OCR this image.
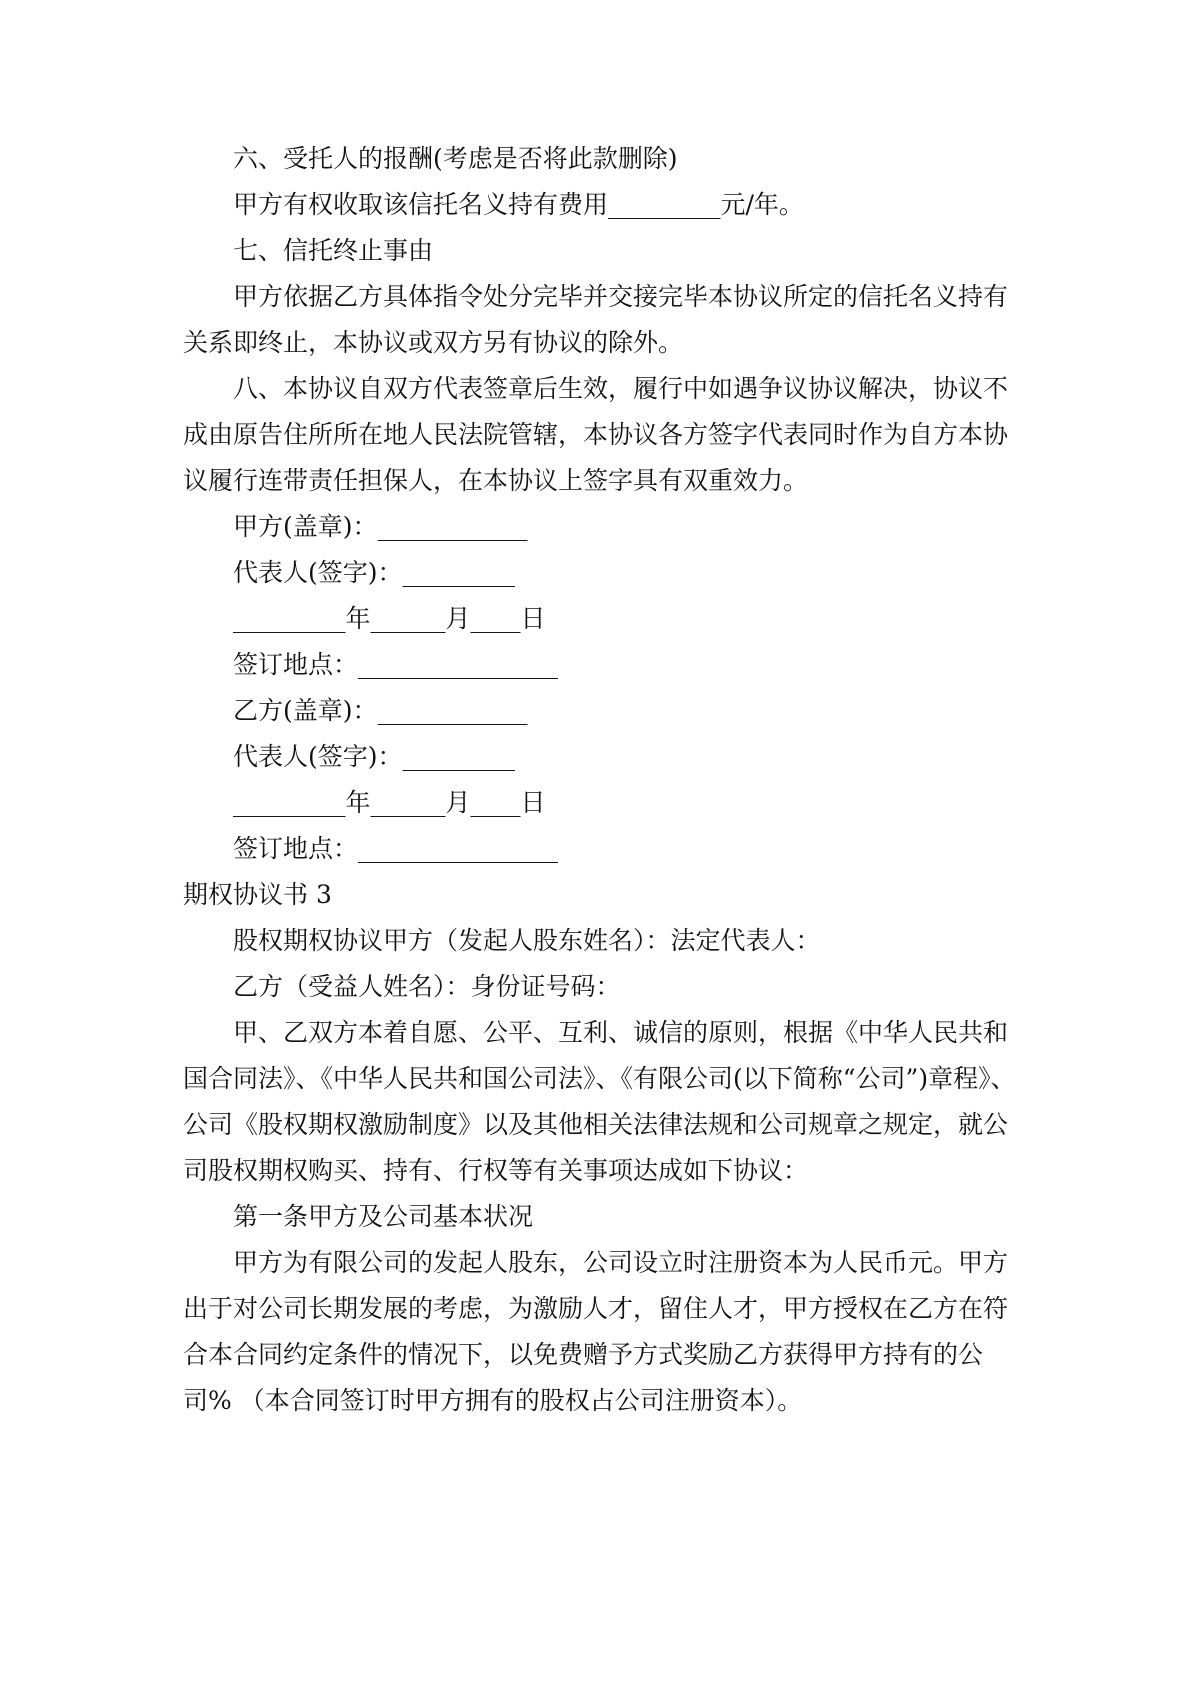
六、受托人的报酬(考虑是否将此款删除)

甲方有权收取该信托名义持有费用_________元/年。

七、信托终止事由

甲方依据乙方具体指令处分完毕并交接完毕本协议所定的信托名义持有关系即终止，本协议或双方另有协议的除外。

八、本协议自双方代表签章后生效，履行中如遇争议协议解决，协议不成由原告住所所在地人民法院管辖，本协议各方签字代表同时作为自方本协议履行连带责任担保人，在本协议上签字具有双重效力。

甲方(盖章)：____________

代表人(签字)：_________

_________年______月____日

签订地点：________________

乙方(盖章)：____________

代表人(签字)：_________

_________年______月____日

签订地点：________________

期权协议书 3

股权期权协议甲方（发起人股东姓名）：法定代表人：

乙方（受益人姓名）：身份证号码：

甲、乙双方本着自愿、公平、互利、诚信的原则，根据《中华人民共和国合同法》、《中华人民共和国公司法》、《有限公司(以下简称“公司”)章程》、公司《股权期权激励制度》以及其他相关法律法规和公司规章之规定，就公司股权期权购买、持有、行权等有关事项达成如下协议：

第一条甲方及公司基本状况

甲方为有限公司的发起人股东，公司设立时注册资本为人民币元。甲方出于对公司长期发展的考虑，为激励人才，留住人才，甲方授权在乙方在符合本合同约定条件的情况下，以免费赠予方式奖励乙方获得甲方持有的公司% （本合同签订时甲方拥有的股权占公司注册资本）。
